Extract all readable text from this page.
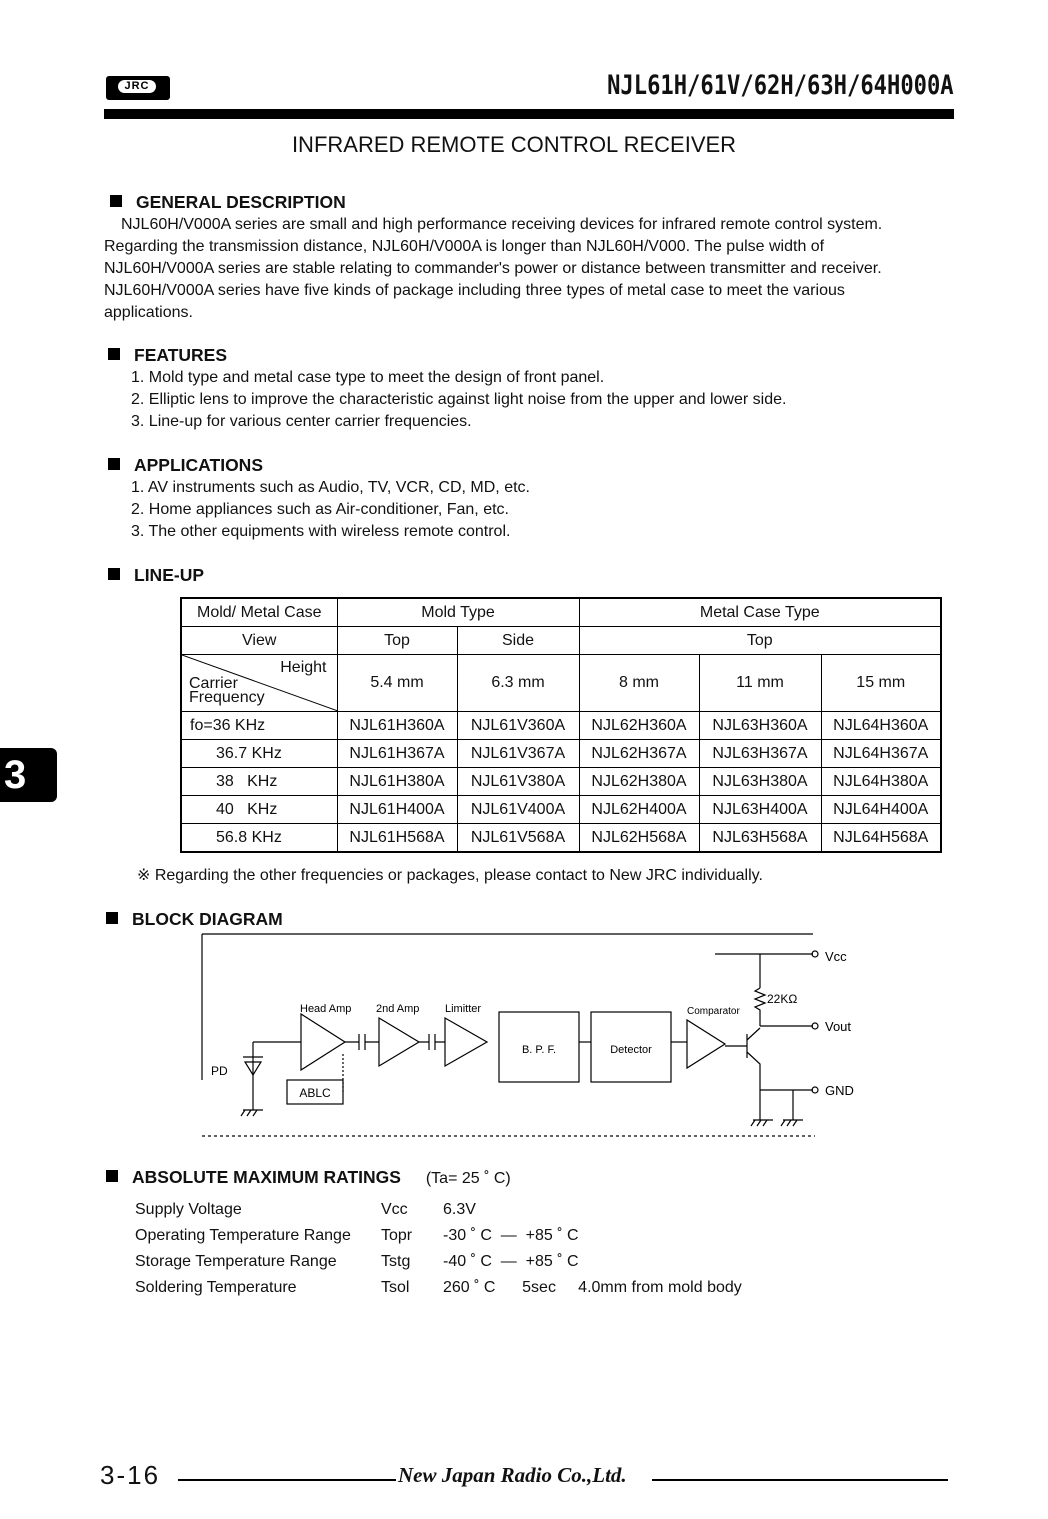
JRC	NJL61H/61V/62H/63H/64H000A
INFRARED REMOTE CONTROL RECEIVER
GENERAL DESCRIPTION
NJL60H/V000A series are small and high performance receiving devices for infrared remote control system.
Regarding the transmission distance, NJL60H/V000A is longer than NJL60H/V000. The pulse width of
NJL60H/V000A series are stable relating to commander's power or distance between transmitter and receiver.
NJL60H/V000A series have five kinds of package including three types of metal case to meet the various
applications.
FEATURES
1. Mold type and metal case type to meet the design of front panel.
2. Elliptic lens to improve the characteristic against light noise from the upper and lower side.
3. Line-up for various center carrier frequencies.
APPLICATIONS
1. AV instruments such as Audio, TV, VCR, CD, MD, etc.
2. Home appliances such as Air-conditioner, Fan, etc.
3. The other equipments with wireless remote control.
LINE-UP
Mold/ Metal Case	Mold Type		Metal Case Type		
View	Top	Side	Top		

Height
Carrier
Frequency	5.4 mm	6.3 mm	8 mm	11 mm	15 mm
fo=36 KHz	NJL61H360A	NJL61V360A	NJL62H360A	NJL63H360A	NJL64H360A
36.7 KHz	NJL61H367A	NJL61V367A	NJL62H367A	NJL63H367A	NJL64H367A
38   KHz	NJL61H380A	NJL61V380A	NJL62H380A	NJL63H380A	NJL64H380A
40   KHz	NJL61H400A	NJL61V400A	NJL62H400A	NJL63H400A	NJL64H400A
56.8 KHz	NJL61H568A	NJL61V568A	NJL62H568A	NJL63H568A	NJL64H568A
3
※ Regarding the other frequencies or packages, please contact to New JRC individually.
BLOCK DIAGRAM
Vcc
Vout
GND
22KΩ
Head Amp 2nd Amp Limitter
B. P. F.	Detector
Comparator
PD
ABLC
ABSOLUTE MAXIMUM RATINGS (Ta= 25 ˚ C)
Supply Voltage	Vcc	6.3V
Operating Temperature Range	Topr	-30 ˚ C  —  +85 ˚ C
Storage Temperature Range	Tstg	-40 ˚ C  —  +85 ˚ C
Soldering Temperature	Tsol	260 ˚ C      5sec     4.0mm from mold body
3-16	New Japan Radio Co.,Ltd.
